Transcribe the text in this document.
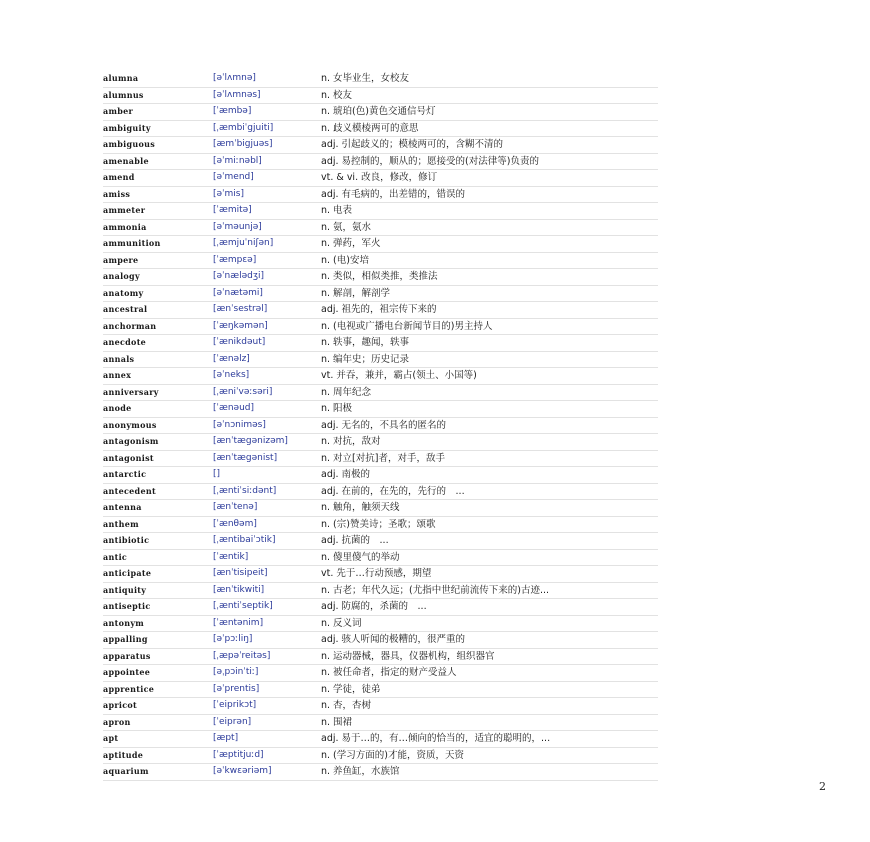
alumna	[əˈlʌmnə]	n. 女毕业生，女校友
alumnus	[əˈlʌmnəs]	n. 校友
amber	[ˈæmbə]	n. 琥珀(色)黄色交通信号灯
ambiguity	[ˌæmbiˈgjuiti]	n. 歧义模棱两可的意思
ambiguous	[æmˈbigjuəs]	adj. 引起歧义的；模棱两可的，含糊不清的
amenable	[əˈmiːnəbl]	adj. 易控制的，顺从的；愿接受的(对法律等)负责的
amend	[əˈmend]	vt. & vi. 改良，修改，修订
amiss	[əˈmis]	adj. 有毛病的，出差错的，错误的
ammeter	[ˈæmitə]	n. 电表
ammonia	[əˈməunjə]	n. 氨，氨水
ammunition	[ˌæmjuˈniʃən]	n. 弹药，军火
ampere	[ˈæmpεə]	n. (电)安培
analogy	[əˈnælədʒi]	n. 类似，相似类推，类推法
anatomy	[əˈnætəmi]	n. 解剖，解剖学
ancestral	[ænˈsestrəl]	adj. 祖先的，祖宗传下来的
anchorman	[ˈæŋkəmən]	n. (电视或广播电台新闻节目的)男主持人
anecdote	[ˈænikdəut]	n. 轶事，趣闻，轶事
annals	[ˈænəlz]	n. 编年史；历史记录
annex	[əˈneks]	vt. 并吞，兼并，霸占(领土、小国等)
anniversary	[ˌæniˈvəːsəri]	n. 周年纪念
anode	[ˈænəud]	n. 阳极
anonymous	[əˈnɔniməs]	adj. 无名的，不具名的匿名的
antagonism	[ænˈtægənizəm]	n. 对抗，敌对
antagonist	[ænˈtægənist]	n. 对立[对抗]者，对手，敌手
antarctic	[]	adj. 南极的
antecedent	[ˌæntiˈsiːdənt]	adj. 在前的，在先的，先行的　...
antenna	[ænˈtenə]	n. 触角，触须天线
anthem	[ˈænθəm]	n. (宗)赞美诗；圣歌；颂歌
antibiotic	[ˌæntibaiˈɔtik]	adj. 抗菌的　...
antic	[ˈæntik]	n. 傻里傻气的举动
anticipate	[ænˈtisipeit]	vt. 先于…行动预感，期望
antiquity	[ænˈtikwiti]	n. 古老；年代久远；(尤指中世纪前流传下来的)古迹...
antiseptic	[ˌæntiˈseptik]	adj. 防腐的，杀菌的　...
antonym	[ˈæntənim]	n. 反义词
appalling	[əˈpɔːliŋ]	adj. 骇人听闻的极糟的，很严重的
apparatus	[ˌæpəˈreitəs]	n. 运动器械，器具，仪器机构，组织器官
appointee	[əˌpɔinˈtiː]	n. 被任命者，指定的财产受益人
apprentice	[əˈprentis]	n. 学徒，徒弟
apricot	[ˈeiprikɔt]	n. 杏，杏树
apron	[ˈeiprən]	n. 围裙
apt	[æpt]	adj. 易于…的，有…倾向的恰当的，适宜的聪明的，...
aptitude	[ˈæptitjuːd]	n. (学习方面的)才能，资质，天资
aquarium	[əˈkwεəriəm]	n. 养鱼缸，水族馆
2
